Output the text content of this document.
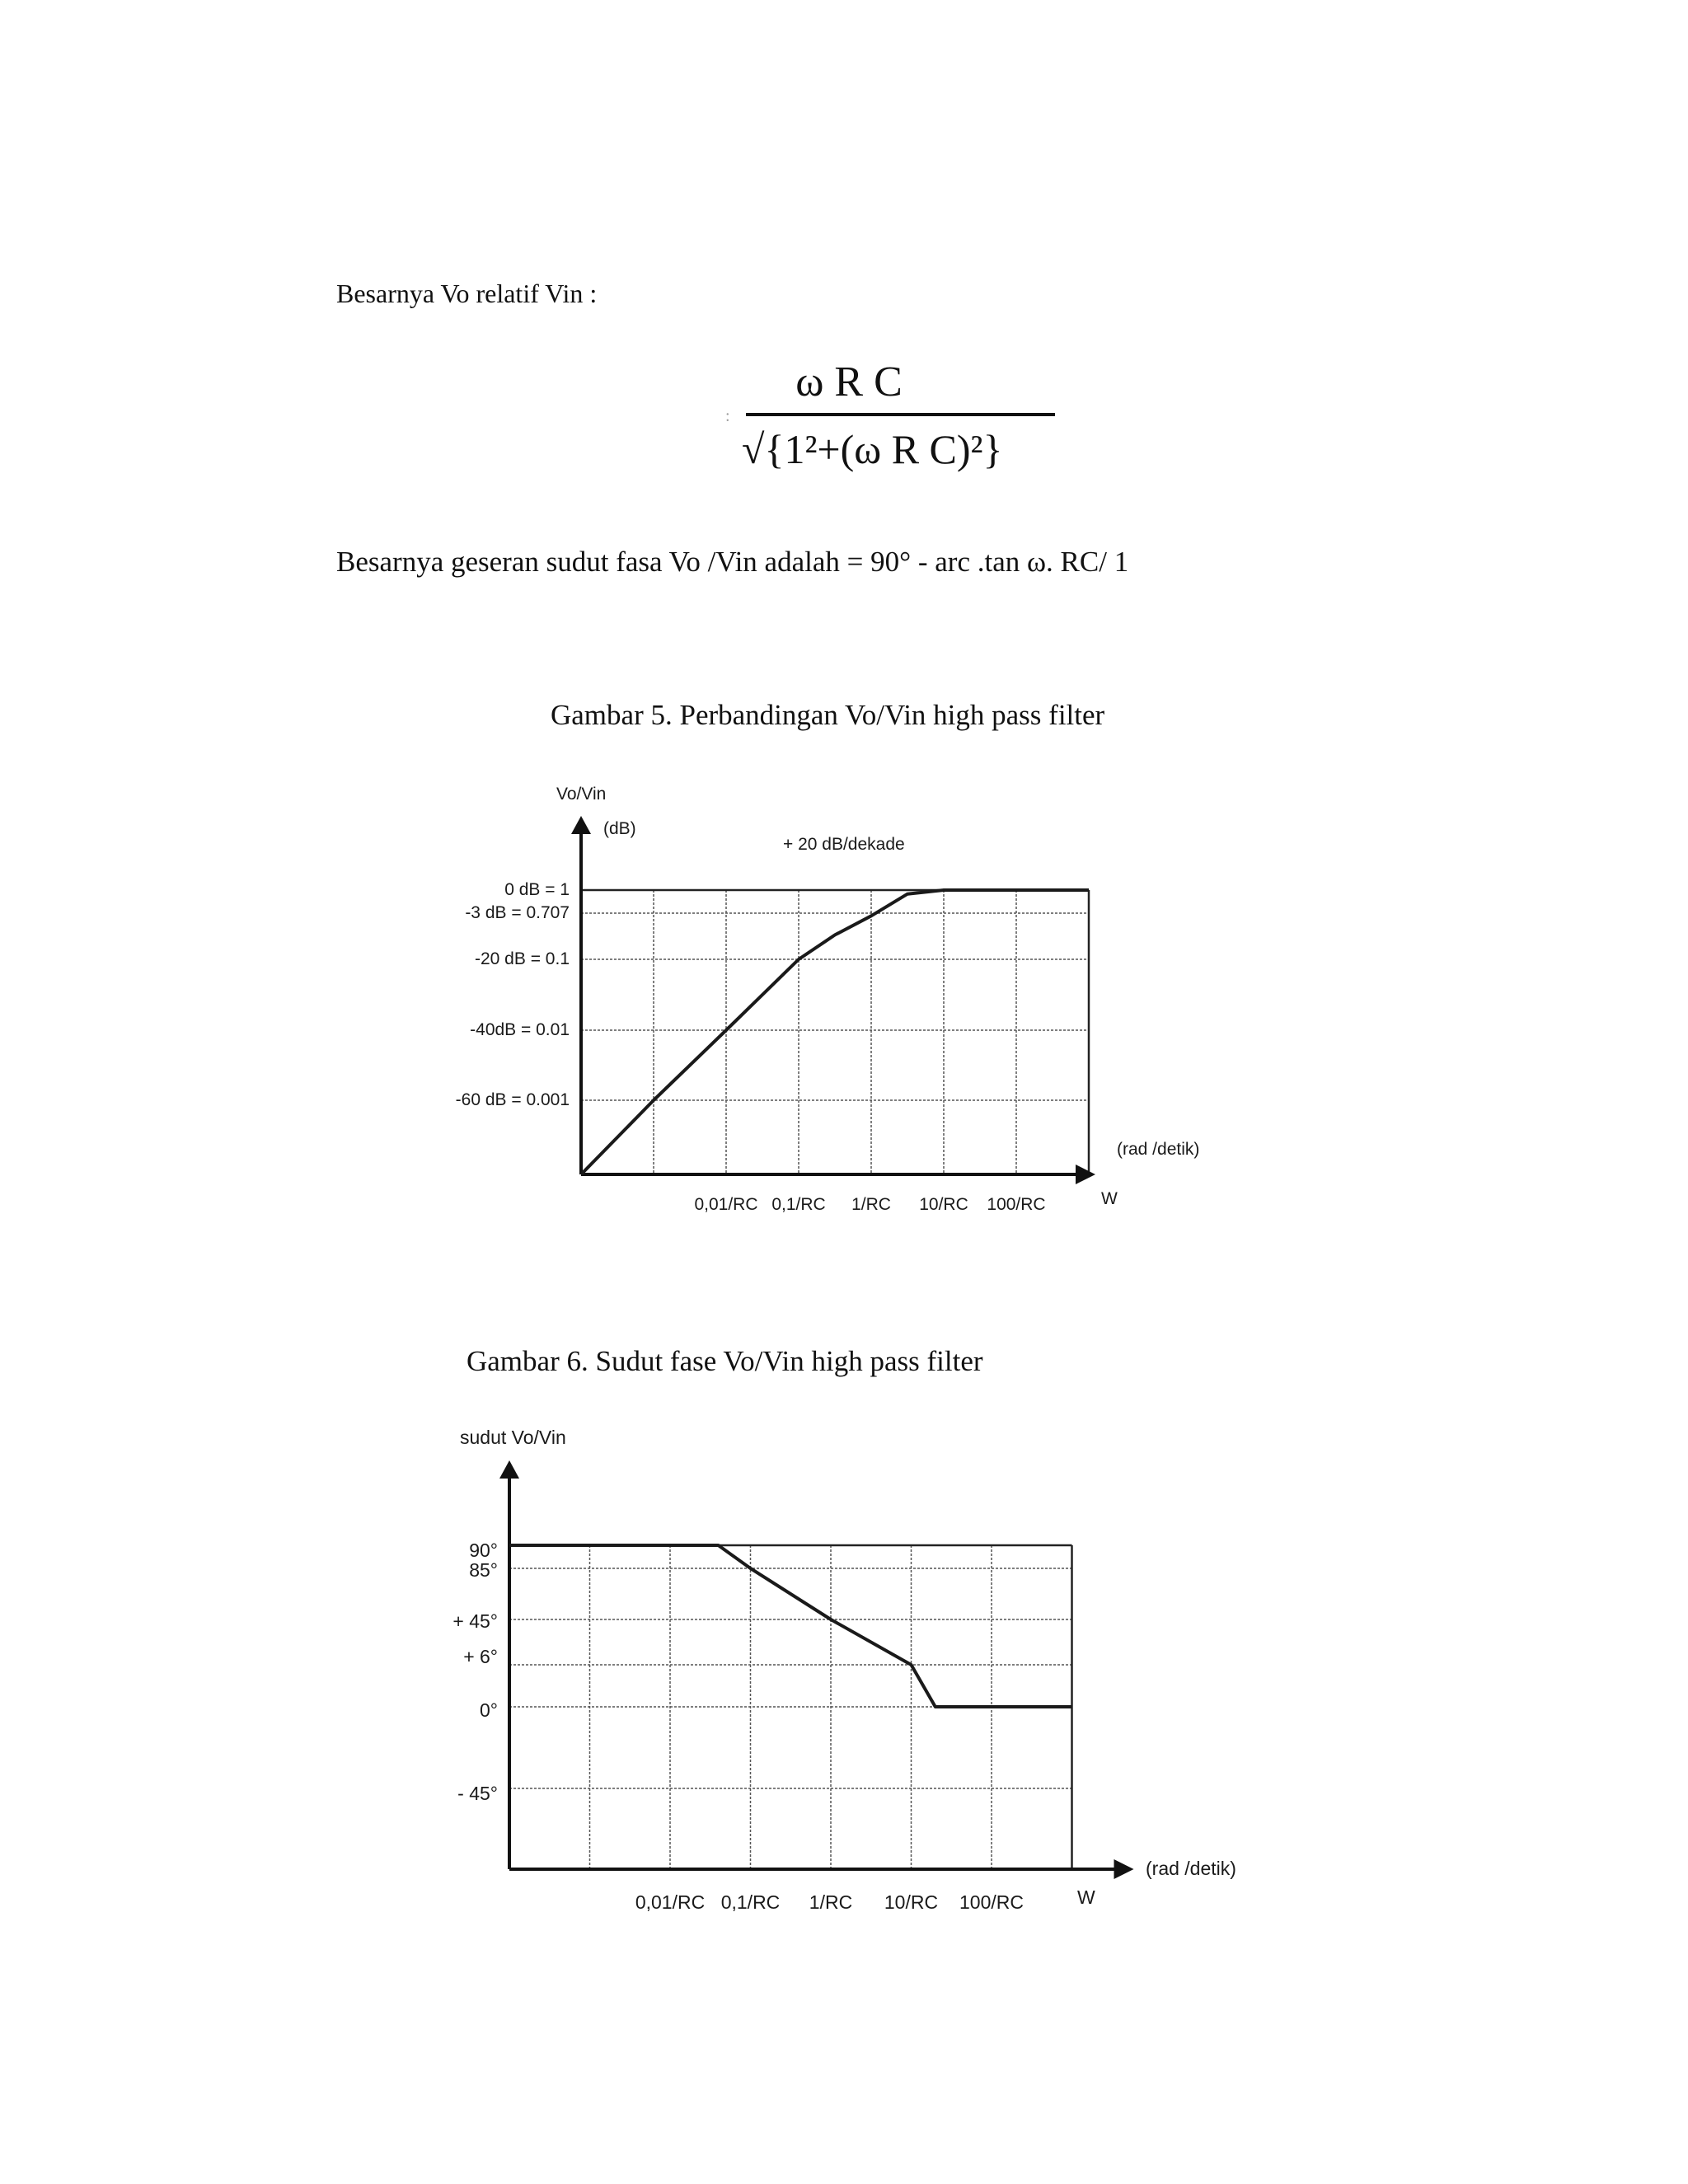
Besarnya Vo relatif Vin :
:
ω R C
√{1²+(ω R C)²}
Besarnya geseran sudut fasa Vo /Vin adalah = 90° - arc .tan ω. RC/ 1
Gambar 5. Perbandingan Vo/Vin high pass filter
0 dB = 1
-3 dB = 0.707
-20 dB = 0.1
-40dB = 0.01
-60 dB = 0.001
0,01/RC 0,1/RC 1/RC 10/RC 100/RC
Vo/Vin
(dB)
+ 20 dB/dekade
(rad /detik)
W
Gambar 6. Sudut fase Vo/Vin high pass filter
90°
85°
+ 45°
+ 6°
0°
- 45°
0,01/RC 0,1/RC 1/RC 10/RC 100/RC
sudut Vo/Vin
(rad /detik)
W
